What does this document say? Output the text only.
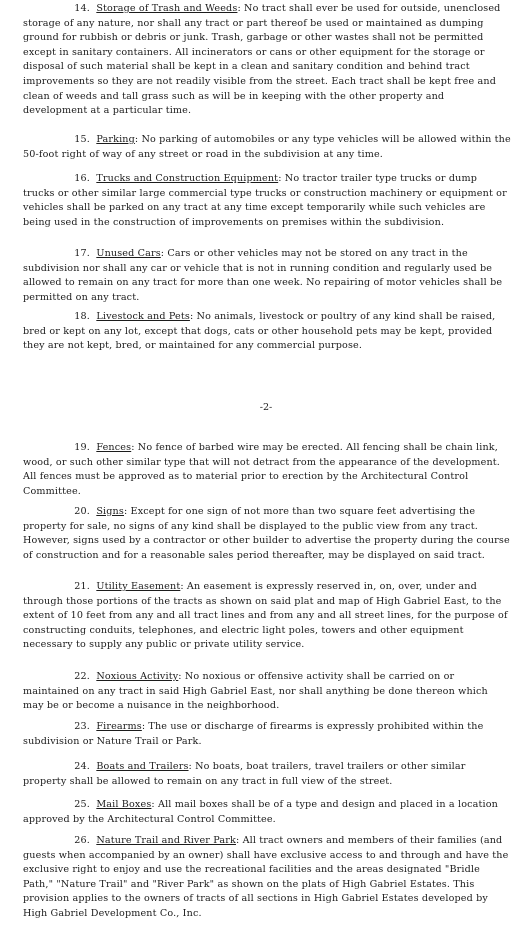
14. Storage of Trash and Weeds: No tract shall ever be used for outside, unenclosed storage of any nature, nor shall any tract or part thereof be used or maintained as dumping ground for rubbish or debris or junk. Trash, garbage or other wastes shall not be permitted except in sanitary containers. All incinerators or cans or other equipment for the storage or disposal of such material shall be kept in a clean and sanitary condition and behind tract improvements so they are not readily visible from the street. Each tract shall be kept free and clean of weeds and tall grass such as will be in keeping with the other property and development at a particular time.

15. Parking: No parking of automobiles or any type vehicles will be allowed within the 50-foot right of way of any street or road in the subdivision at any time.

16. Trucks and Construction Equipment: No tractor trailer type trucks or dump trucks or other similar large commercial type trucks or construction machinery or equipment or vehicles shall be parked on any tract at any time except temporarily while such vehicles are being used in the construction of improvements on premises within the subdivision.

17. Unused Cars: Cars or other vehicles may not be stored on any tract in the subdivision nor shall any car or vehicle that is not in running condition and regularly used be allowed to remain on any tract for more than one week. No repairing of motor vehicles shall be permitted on any tract.

18. Livestock and Pets: No animals, livestock or poultry of any kind shall be raised, bred or kept on any lot, except that dogs, cats or other household pets may be kept, provided they are not kept, bred, or maintained for any commercial purpose.

-2-

19. Fences: No fence of barbed wire may be erected. All fencing shall be chain link, wood, or such other similar type that will not detract from the appearance of the development. All fences must be approved as to material prior to erection by the Architectural Control Committee.

20. Signs: Except for one sign of not more than two square feet advertising the property for sale, no signs of any kind shall be displayed to the public view from any tract. However, signs used by a contractor or other builder to advertise the property during the course of construction and for a reasonable sales period thereafter, may be displayed on said tract.

21. Utility Easement: An easement is expressly reserved in, on, over, under and through those portions of the tracts as shown on said plat and map of High Gabriel East, to the extent of 10 feet from any and all tract lines and from any and all street lines, for the purpose of constructing conduits, telephones, and electric light poles, towers and other equipment necessary to supply any public or private utility service.

22. Noxious Activity: No noxious or offensive activity shall be carried on or maintained on any tract in said High Gabriel East, nor shall anything be done thereon which may be or become a nuisance in the neighborhood.

23. Firearms: The use or discharge of firearms is expressly prohibited within the subdivision or Nature Trail or Park.

24. Boats and Trailers: No boats, boat trailers, travel trailers or other similar property shall be allowed to remain on any tract in full view of the street.

25. Mail Boxes: All mail boxes shall be of a type and design and placed in a location approved by the Architectural Control Committee.

26. Nature Trail and River Park: All tract owners and members of their families (and guests when accompanied by an owner) shall have exclusive access to and through and have the exclusive right to enjoy and use the recreational facilities and the areas designated "Bridle Path," "Nature Trail" and "River Park" as shown on the plats of High Gabriel Estates. This provision applies to the owners of tracts of all sections in High Gabriel Estates developed by High Gabriel Development Co., Inc.
